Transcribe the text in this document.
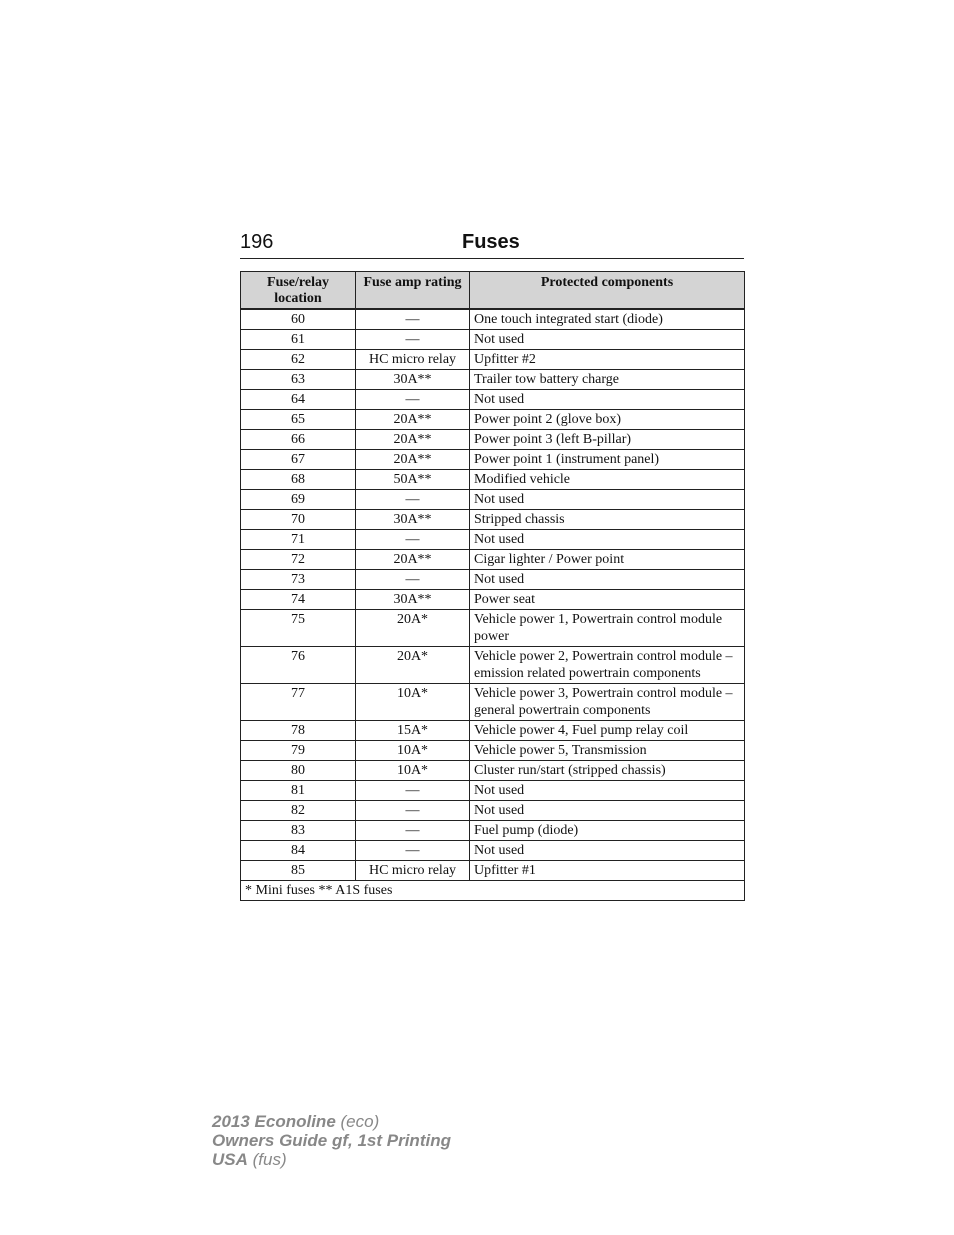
196	Fuses
Fuse/relay location	Fuse amp rating	Protected components
60	—	One touch integrated start (diode)
61	—	Not used
62	HC micro relay	Upfitter #2
63	30A**	Trailer tow battery charge
64	—	Not used
65	20A**	Power point 2 (glove box)
66	20A**	Power point 3 (left B-pillar)
67	20A**	Power point 1 (instrument panel)
68	50A**	Modified vehicle
69	—	Not used
70	30A**	Stripped chassis
71	—	Not used
72	20A**	Cigar lighter / Power point
73	—	Not used
74	30A**	Power seat
75	20A*	Vehicle power 1, Powertrain control module power
76	20A*	Vehicle power 2, Powertrain control module – emission related powertrain components
77	10A*	Vehicle power 3, Powertrain control module – general powertrain components
78	15A*	Vehicle power 4, Fuel pump relay coil
79	10A*	Vehicle power 5, Transmission
80	10A*	Cluster run/start (stripped chassis)
81	—	Not used
82	—	Not used
83	—	Fuel pump (diode)
84	—	Not used
85	HC micro relay	Upfitter #1
* Mini fuses ** A1S fuses		
2013 Econoline (eco)
Owners Guide gf, 1st Printing
USA (fus)
